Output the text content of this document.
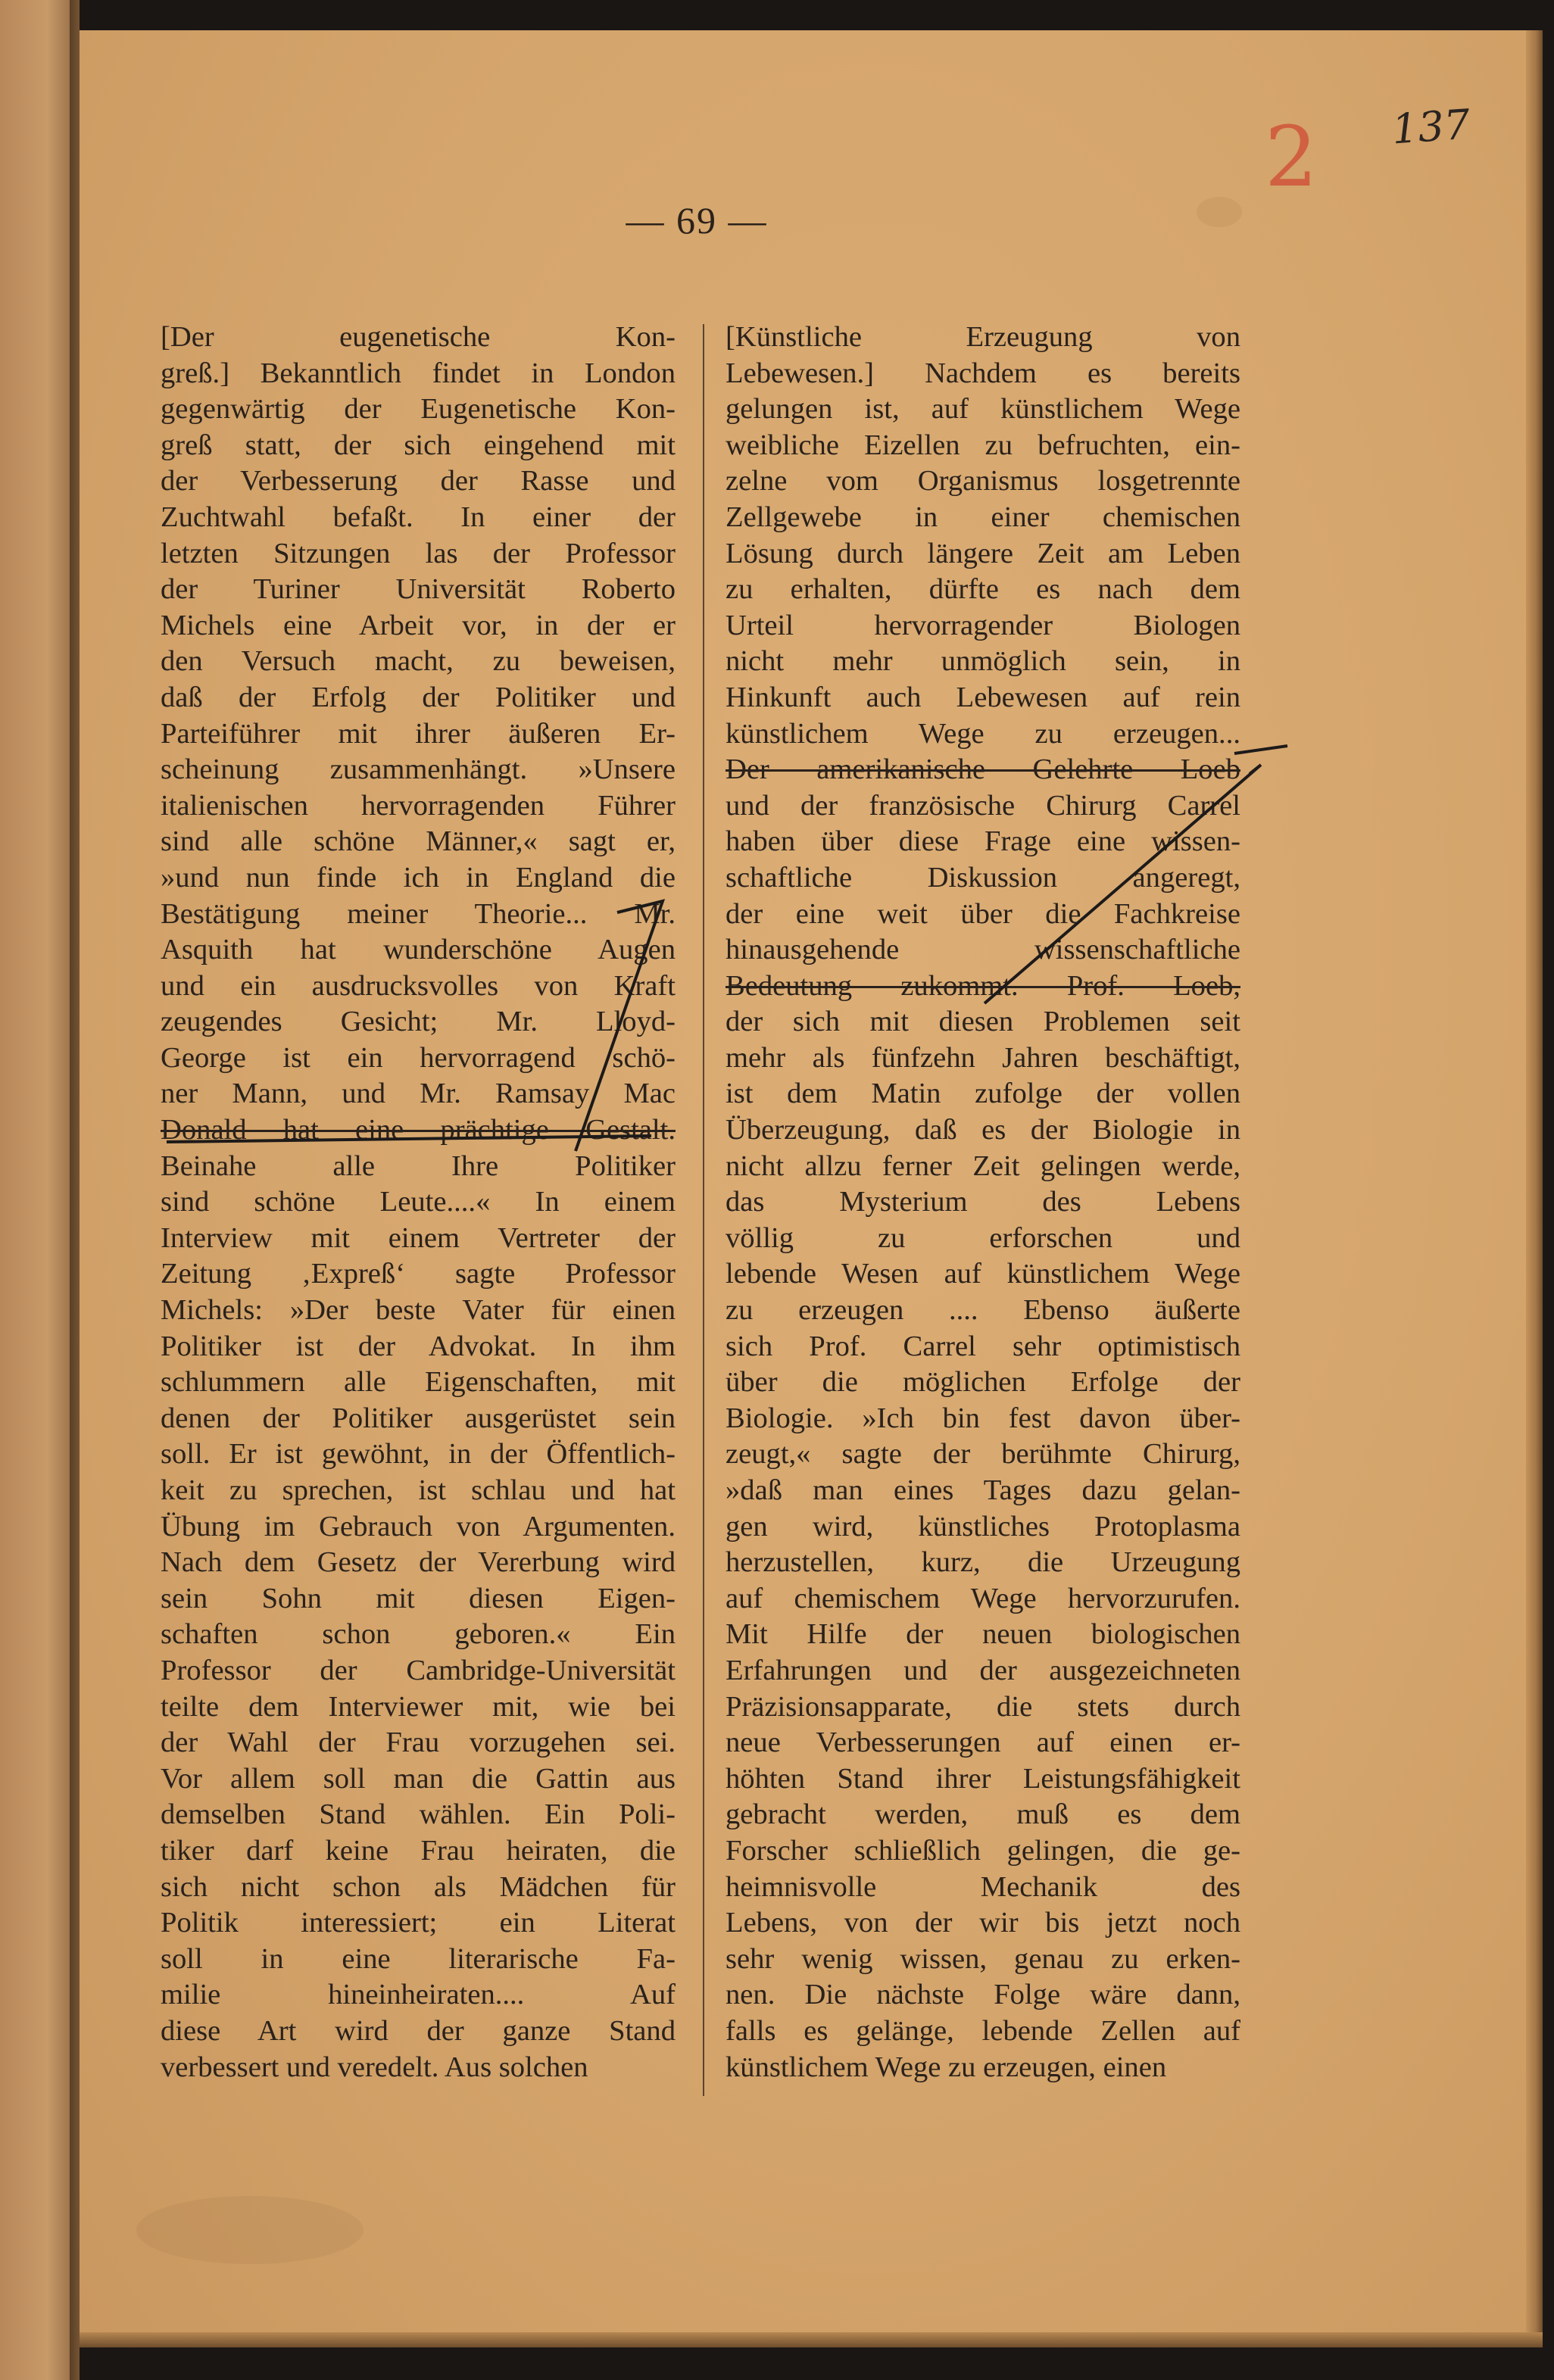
— 69 —
2 137
[Der eugenetische Kon-
greß.] Bekanntlich findet in London
gegenwärtig der Eugenetische Kon-
greß statt, der sich eingehend mit
der Verbesserung der Rasse und
Zuchtwahl befaßt. In einer der
letzten Sitzungen las der Professor
der Turiner Universität Roberto
Michels eine Arbeit vor, in der er
den Versuch macht, zu beweisen,
daß der Erfolg der Politiker und
Parteiführer mit ihrer äußeren Er-
scheinung zusammenhängt. »Unsere
italienischen hervorragenden Führer
sind alle schöne Männer,« sagt er,
»und nun finde ich in England die
Bestätigung meiner Theorie... Mr.
Asquith hat wunderschöne Augen
und ein ausdrucksvolles von Kraft
zeugendes Gesicht; Mr. Lloyd-
George ist ein hervorragend schö-
ner Mann, und Mr. Ramsay Mac
Donald hat eine prächtige Gestalt.
Beinahe alle Ihre Politiker
sind schöne Leute....« In einem
Interview mit einem Vertreter der
Zeitung ‚Expreß‘ sagte Professor
Michels: »Der beste Vater für einen
Politiker ist der Advokat. In ihm
schlummern alle Eigenschaften, mit
denen der Politiker ausgerüstet sein
soll. Er ist gewöhnt, in der Öffentlich-
keit zu sprechen, ist schlau und hat
Übung im Gebrauch von Argumenten.
Nach dem Gesetz der Vererbung wird
sein Sohn mit diesen Eigen-
schaften schon geboren.« Ein
Professor der Cambridge-Universität
teilte dem Interviewer mit, wie bei
der Wahl der Frau vorzugehen sei.
Vor allem soll man die Gattin aus
demselben Stand wählen. Ein Poli-
tiker darf keine Frau heiraten, die
sich nicht schon als Mädchen für
Politik interessiert; ein Literat
soll in eine literarische Fa-
milie hineinheiraten.... Auf
diese Art wird der ganze Stand
verbessert und veredelt. Aus solchen
[Künstliche Erzeugung von
Lebewesen.] Nachdem es bereits
gelungen ist, auf künstlichem Wege
weibliche Eizellen zu befruchten, ein-
zelne vom Organismus losgetrennte
Zellgewebe in einer chemischen
Lösung durch längere Zeit am Leben
zu erhalten, dürfte es nach dem
Urteil hervorragender Biologen
nicht mehr unmöglich sein, in
Hinkunft auch Lebewesen auf rein
künstlichem Wege zu erzeugen...
Der amerikanische Gelehrte Loeb
und der französische Chirurg Carrel
haben über diese Frage eine wissen-
schaftliche Diskussion angeregt,
der eine weit über die Fachkreise
hinausgehende wissenschaftliche
Bedeutung zukommt. Prof. Loeb,
der sich mit diesen Problemen seit
mehr als fünfzehn Jahren beschäftigt,
ist dem Matin zufolge der vollen
Überzeugung, daß es der Biologie in
nicht allzu ferner Zeit gelingen werde,
das Mysterium des Lebens
völlig zu erforschen und
lebende Wesen auf künstlichem Wege
zu erzeugen .... Ebenso äußerte
sich Prof. Carrel sehr optimistisch
über die möglichen Erfolge der
Biologie. »Ich bin fest davon über-
zeugt,« sagte der berühmte Chirurg,
»daß man eines Tages dazu gelan-
gen wird, künstliches Protoplasma
herzustellen, kurz, die Urzeugung
auf chemischem Wege hervorzurufen.
Mit Hilfe der neuen biologischen
Erfahrungen und der ausgezeichneten
Präzisionsapparate, die stets durch
neue Verbesserungen auf einen er-
höhten Stand ihrer Leistungsfähigkeit
gebracht werden, muß es dem
Forscher schließlich gelingen, die ge-
heimnisvolle Mechanik des
Lebens, von der wir bis jetzt noch
sehr wenig wissen, genau zu erken-
nen. Die nächste Folge wäre dann,
falls es gelänge, lebende Zellen auf
künstlichem Wege zu erzeugen, einen
